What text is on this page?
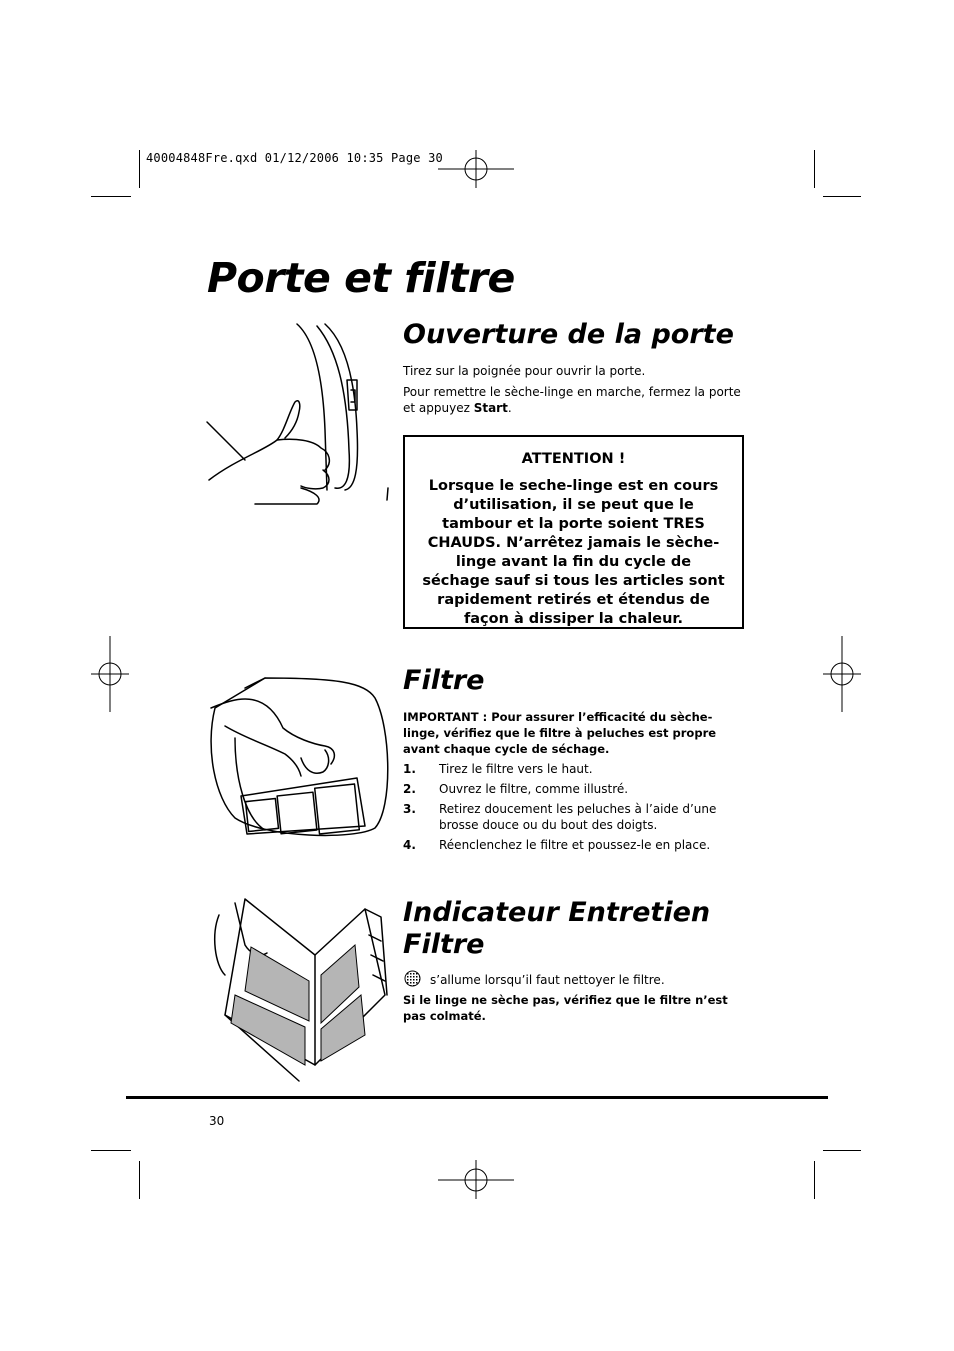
40004848Fre.qxd 01/12/2006 10:35 Page 30
Porte et filtre
Ouverture de la porte

Tirez sur la poignée pour ouvrir la porte.

Pour remettre le sèche-linge en marche, fermez la porte et appuyez Start.

ATTENTION !

Lorsque le seche-linge est en cours d’utilisation, il se peut que le tambour et la porte soient TRES CHAUDS. N’arrêtez jamais le sèche-linge avant la fin du cycle de séchage sauf si tous les articles sont rapidement retirés et étendus de façon à dissiper la chaleur.

Filtre

IMPORTANT : Pour assurer l’efficacité du sèche-linge, vérifiez que le filtre à peluches est propre avant chaque cycle de séchage.

1. Tirez le filtre vers le haut.
2. Ouvrez le filtre, comme illustré.
3. Retirez doucement les peluches à l’aide d’une brosse douce ou du bout des doigts.
4. Réenclenchez le filtre et poussez-le en place.
Indicateur Entretien Filtre

s’allume lorsqu’il faut nettoyer le filtre.

Si le linge ne sèche pas, vérifiez que le filtre n’est pas colmaté.

30
